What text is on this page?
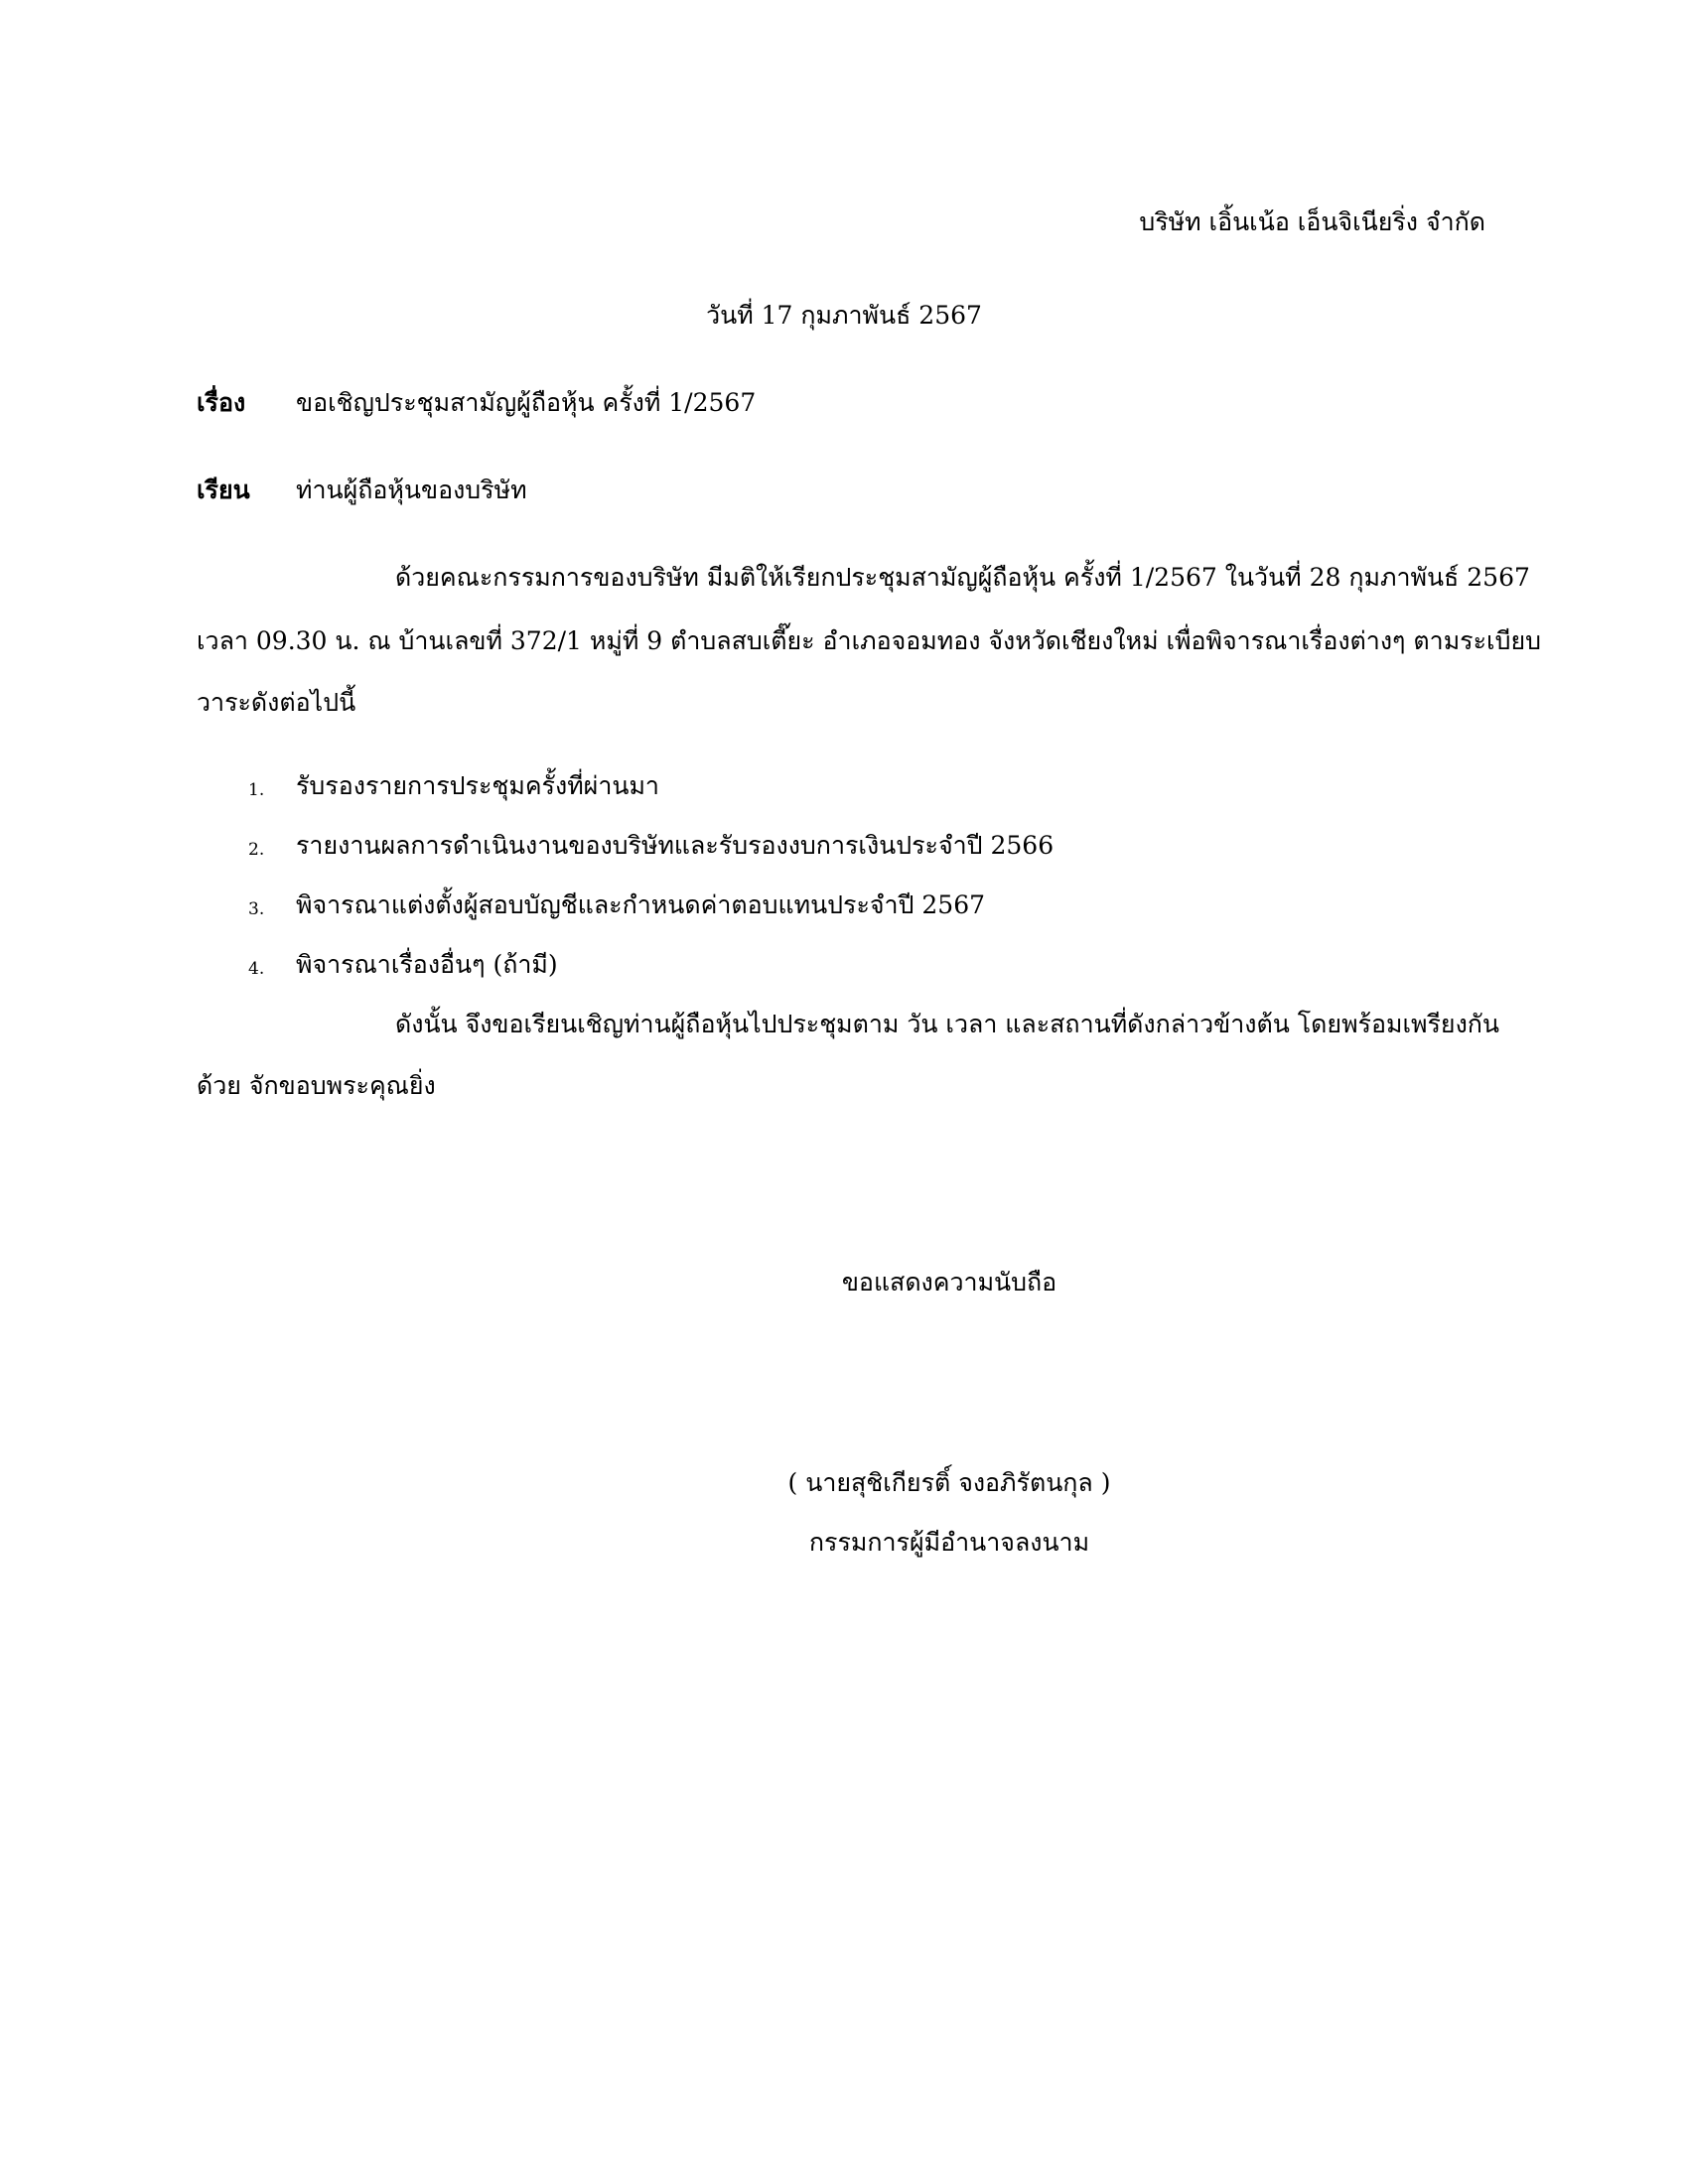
บริษัท เอิ้นเน้อ เอ็นจิเนียริ่ง จำกัด
วันที่ 17 กุมภาพันธ์ 2567
เรื่อง ขอเชิญประชุมสามัญผู้ถือหุ้น ครั้งที่ 1/2567
เรียน ท่านผู้ถือหุ้นของบริษัท
ด้วยคณะกรรมการของบริษัท มีมติให้เรียกประชุมสามัญผู้ถือหุ้น ครั้งที่ 1/2567 ในวันที่ 28 กุมภาพันธ์ 2567
เวลา 09.30 น. ณ บ้านเลขที่ 372/1 หมู่ที่ 9 ตำบลสบเตี๊ยะ อำเภอจอมทอง จังหวัดเชียงใหม่ เพื่อพิจารณาเรื่องต่างๆ ตามระเบียบ
วาระดังต่อไปนี้
1. รับรองรายการประชุมครั้งที่ผ่านมา
2. รายงานผลการดำเนินงานของบริษัทและรับรองงบการเงินประจำปี 2566
3. พิจารณาแต่งตั้งผู้สอบบัญชีและกำหนดค่าตอบแทนประจำปี 2567
4. พิจารณาเรื่องอื่นๆ (ถ้ามี)
ดังนั้น จึงขอเรียนเชิญท่านผู้ถือหุ้นไปประชุมตาม วัน เวลา และสถานที่ดังกล่าวข้างต้น โดยพร้อมเพรียงกัน
ด้วย จักขอบพระคุณยิ่ง
ขอแสดงความนับถือ
( นายสุชิเกียรติ์ จงอภิรัตนกุล )
กรรมการผู้มีอำนาจลงนาม
